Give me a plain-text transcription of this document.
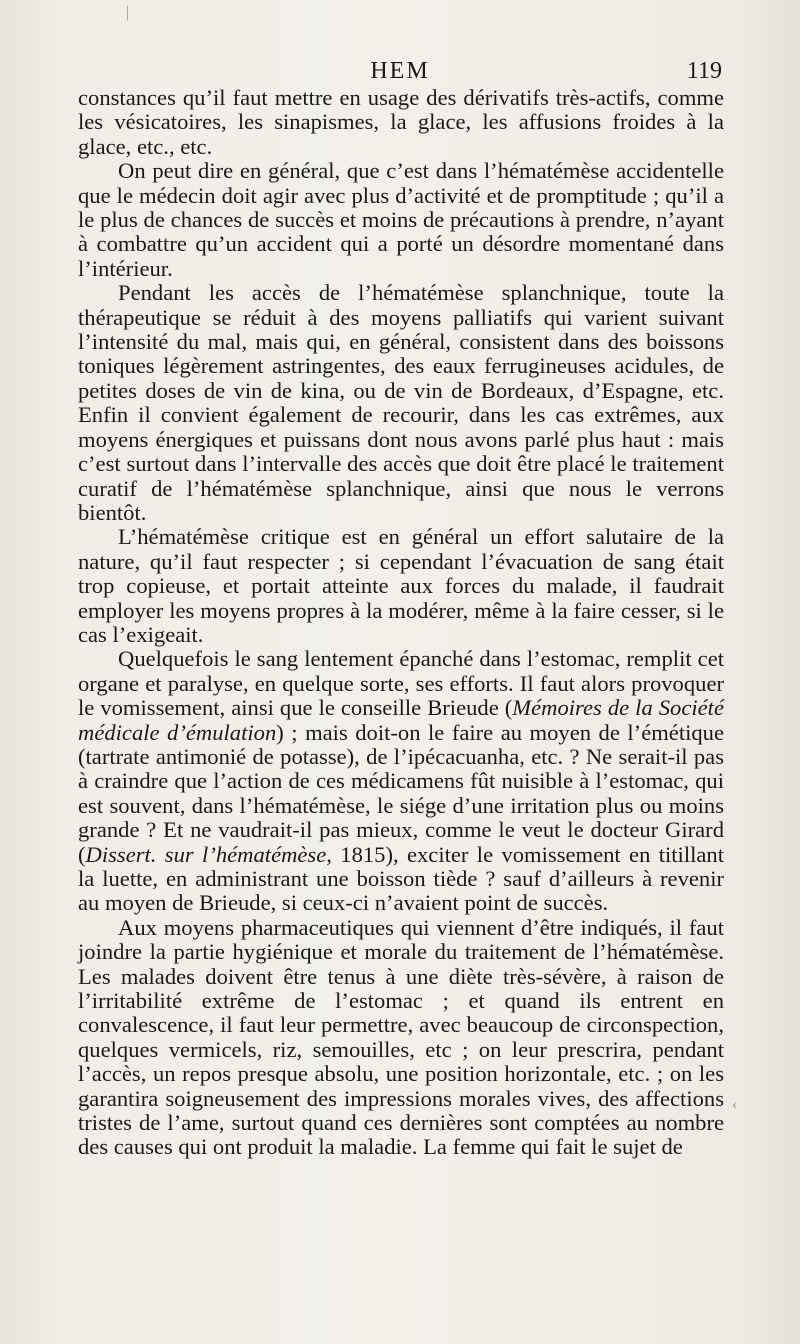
HEM	119
|
‹

constances qu’il faut mettre en usage des dérivatifs très-actifs, comme les vésicatoires, les sinapismes, la glace, les affusions froides à la glace, etc., etc.

On peut dire en général, que c’est dans l’hématémèse accidentelle que le médecin doit agir avec plus d’activité et de promptitude ; qu’il a le plus de chances de succès et moins de précautions à prendre, n’ayant à combattre qu’un accident qui a porté un désordre momentané dans l’intérieur.

Pendant les accès de l’hématémèse splanchnique, toute la thérapeutique se réduit à des moyens palliatifs qui varient suivant l’intensité du mal, mais qui, en général, consistent dans des boissons toniques légèrement astringentes, des eaux ferrugineuses acidules, de petites doses de vin de kina, ou de vin de Bordeaux, d’Espagne, etc. Enfin il convient également de recourir, dans les cas extrêmes, aux moyens énergiques et puissans dont nous avons parlé plus haut : mais c’est surtout dans l’intervalle des accès que doit être placé le traitement curatif de l’hématémèse splanchnique, ainsi que nous le verrons bientôt.

L’hématémèse critique est en général un effort salutaire de la nature, qu’il faut respecter ; si cependant l’évacuation de sang était trop copieuse, et portait atteinte aux forces du malade, il faudrait employer les moyens propres à la modérer, même à la faire cesser, si le cas l’exigeait.

Quelquefois le sang lentement épanché dans l’estomac, remplit cet organe et paralyse, en quelque sorte, ses efforts. Il faut alors provoquer le vomissement, ainsi que le conseille Brieude (Mémoires de la Société médicale d’émulation) ; mais doit-on le faire au moyen de l’émétique (tartrate antimonié de potasse), de l’ipécacuanha, etc. ? Ne serait-il pas à craindre que l’action de ces médicamens fût nuisible à l’estomac, qui est souvent, dans l’hématémèse, le siége d’une irritation plus ou moins grande ? Et ne vaudrait-il pas mieux, comme le veut le docteur Girard (Dissert. sur l’hématémèse, 1815), exciter le vomissement en titillant la luette, en administrant une boisson tiède ? sauf d’ailleurs à revenir au moyen de Brieude, si ceux-ci n’avaient point de succès.

Aux moyens pharmaceutiques qui viennent d’être indiqués, il faut joindre la partie hygiénique et morale du traitement de l’hématémèse. Les malades doivent être tenus à une diète très-sévère, à raison de l’irritabilité extrême de l’estomac ; et quand ils entrent en convalescence, il faut leur permettre, avec beaucoup de circonspection, quelques vermicels, riz, semouilles, etc ; on leur prescrira, pendant l’accès, un repos presque absolu, une position horizontale, etc. ; on les garantira soigneusement des impressions morales vives, des affections tristes de l’ame, surtout quand ces dernières sont comptées au nombre des causes qui ont produit la maladie. La femme qui fait le sujet de
